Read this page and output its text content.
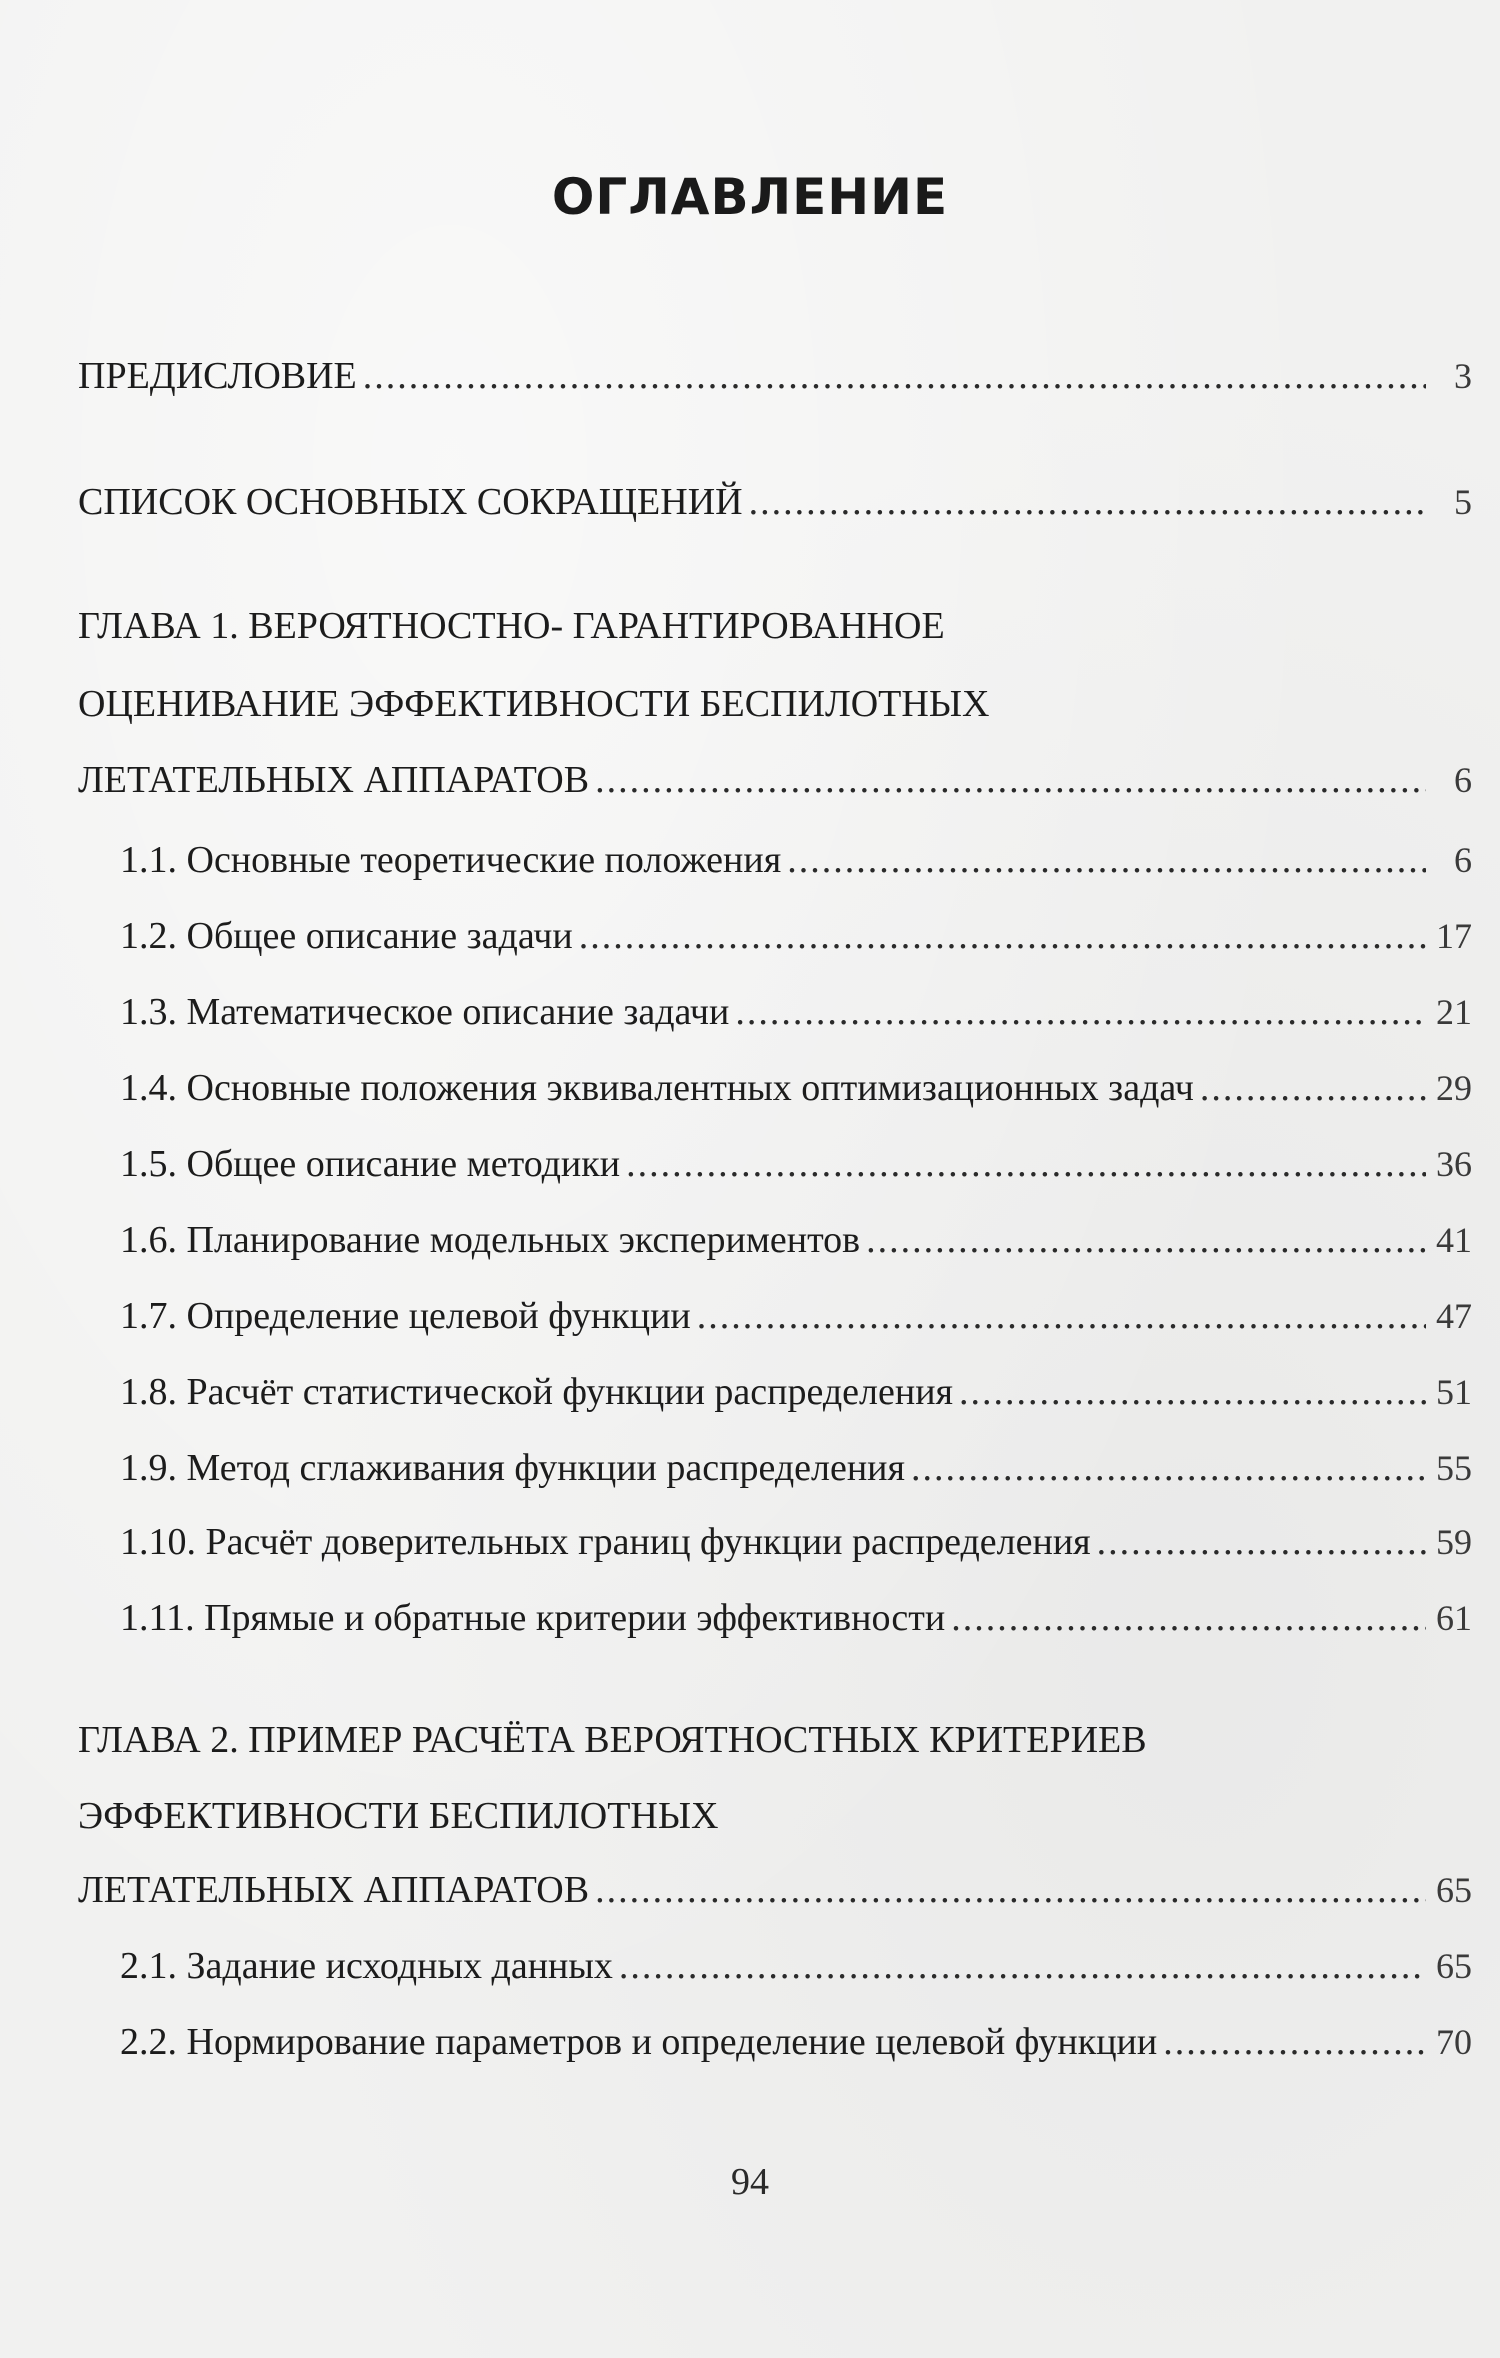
ОГЛАВЛЕНИЕ
ПРЕДИСЛОВИЕ .....	3
СПИСОК ОСНОВНЫХ СОКРАЩЕНИЙ .....	5
ГЛАВА 1. ВЕРОЯТНОСТНО- ГАРАНТИРОВАННОЕ
ОЦЕНИВАНИЕ ЭФФЕКТИВНОСТИ БЕСПИЛОТНЫХ
ЛЕТАТЕЛЬНЫХ АППАРАТОВ .....	6
1.1. Основные теоретические положения .....	6
1.2. Общее описание задачи .....	17
1.3. Математическое описание задачи .....	21
1.4. Основные положения эквивалентных оптимизационных задач .....	29
1.5. Общее описание методики .....	36
1.6. Планирование модельных экспериментов .....	41
1.7. Определение целевой функции .....	47
1.8. Расчёт статистической функции распределения .....	51
1.9. Метод сглаживания функции распределения .....	55
1.10. Расчёт доверительных границ функции распределения .....	59
1.11. Прямые и обратные критерии эффективности .....	61
ГЛАВА 2. ПРИМЕР РАСЧЁТА ВЕРОЯТНОСТНЫХ КРИТЕРИЕВ
ЭФФЕКТИВНОСТИ БЕСПИЛОТНЫХ
ЛЕТАТЕЛЬНЫХ АППАРАТОВ .....	65
2.1. Задание исходных данных .....	65
2.2. Нормирование параметров и определение целевой функции .....	70
94
